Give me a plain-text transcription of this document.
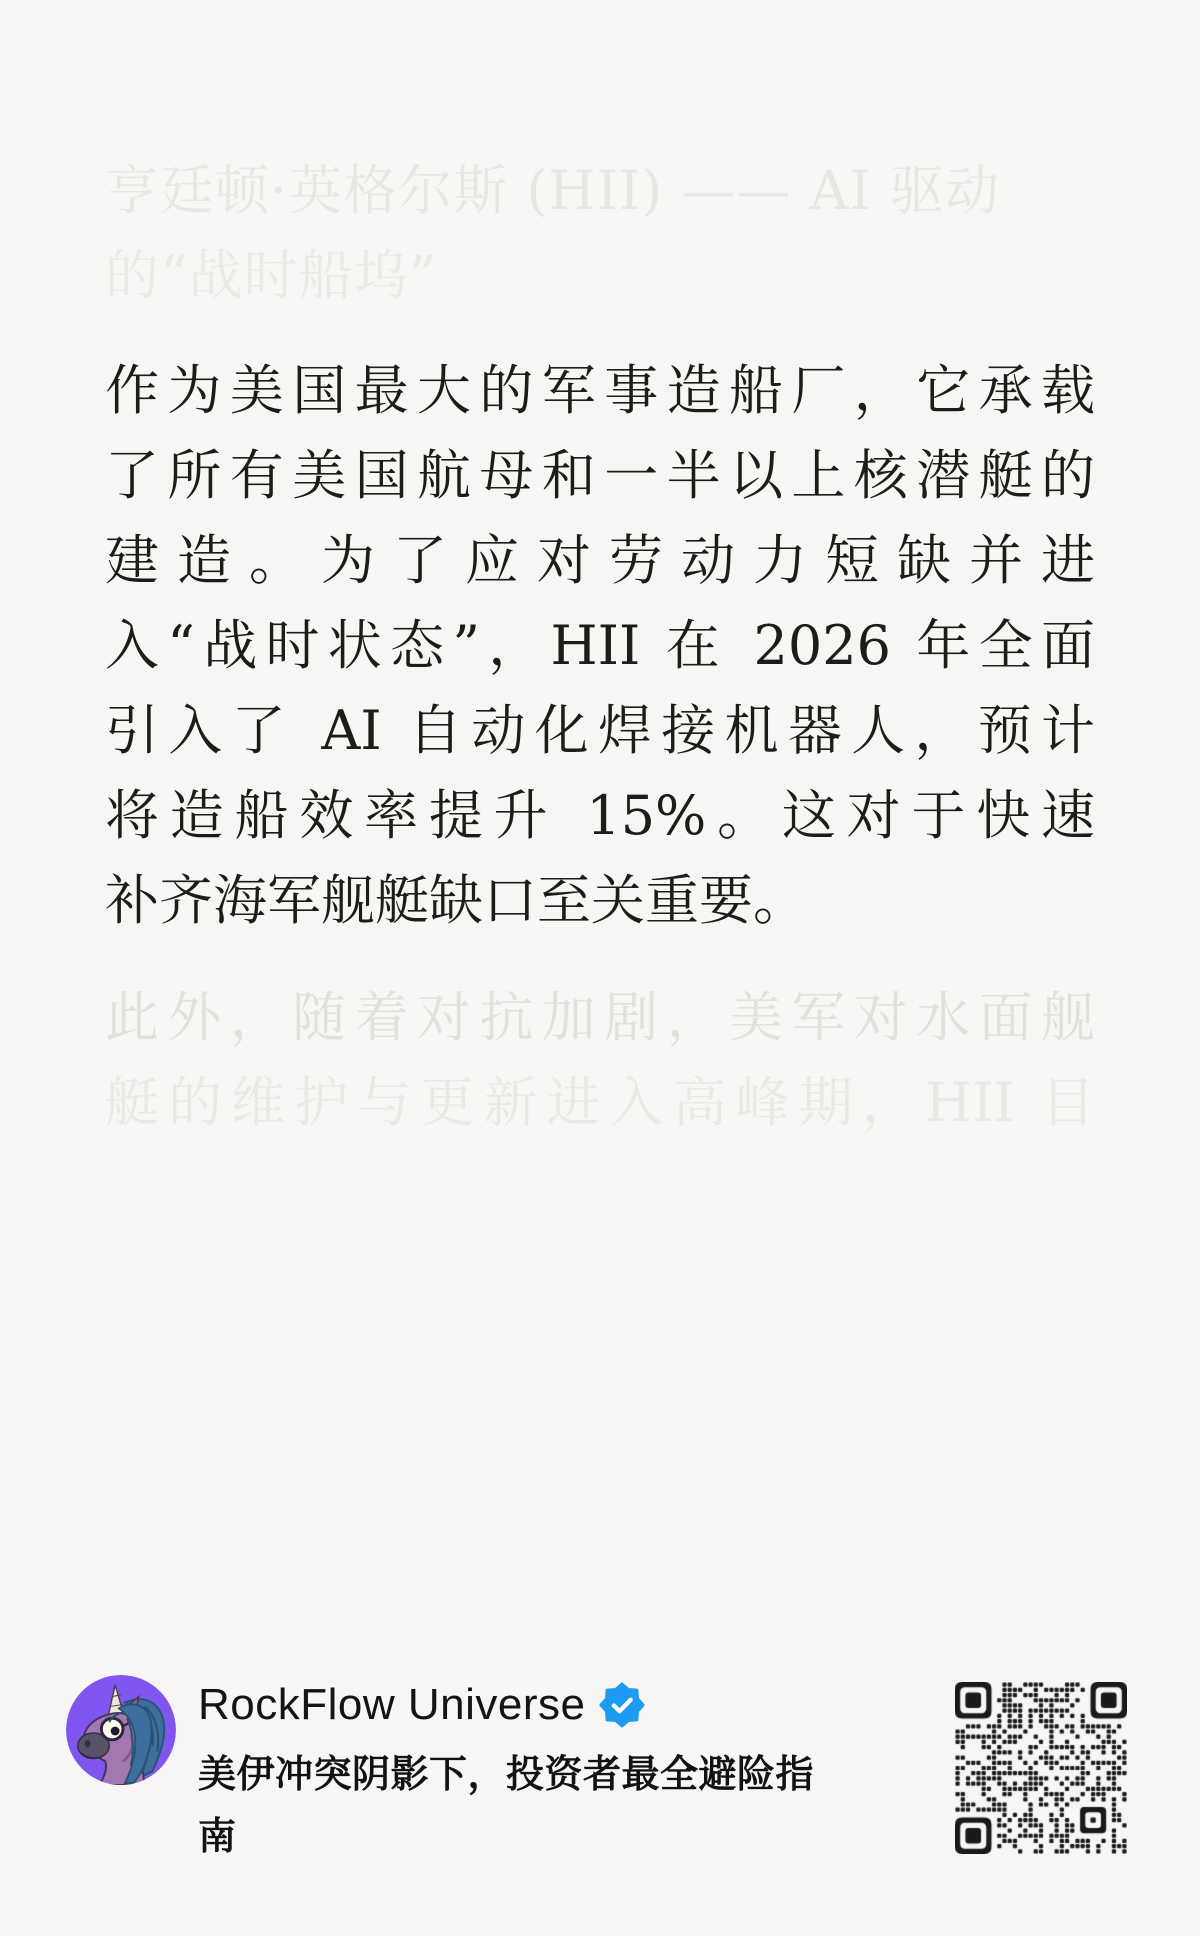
亨廷顿·英格尔斯 (HII) —— AI 驱动
的“战时船坞”
作为美国最大的军事造船厂，它承载
了所有美国航母和一半以上核潜艇的
建造。为了应对劳动力短缺并进
入“战时状态”，HII 在 2026 年全面
引入了 AI 自动化焊接机器人，预计
将造船效率提升 15%。这对于快速
补齐海军舰艇缺口至关重要。
此外，随着对抗加剧，美军对水面舰
艇的维护与更新进入高峰期，HII 目
RockFlow Universe
美伊冲突阴影下，投资者最全避险指南
